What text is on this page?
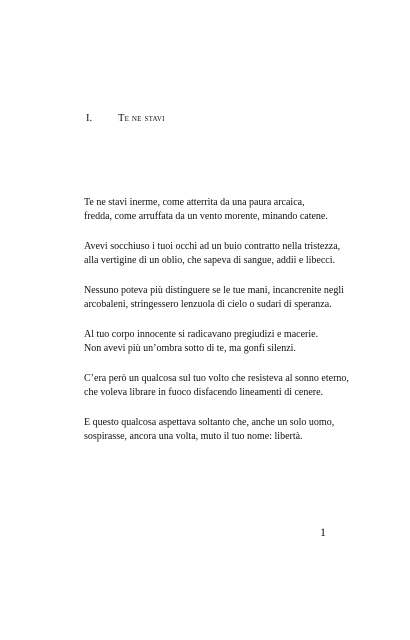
I. Te ne stavi

Te ne stavi inerme, come atterrita da una paura arcaica,
fredda, come arruffata da un vento morente, minando catene.

Avevi socchiuso i tuoi occhi ad un buio contratto nella tristezza,
alla vertigine di un oblio, che sapeva di sangue, addii e libecci.

Nessuno poteva più distinguere se le tue mani, incancrenite negli
arcobaleni, stringessero lenzuola di cielo o sudari di speranza.

Al tuo corpo innocente si radicavano pregiudizi e macerie.
Non avevi più un’ombra sotto di te, ma gonfi silenzi.

C’era però un qualcosa sul tuo volto che resisteva al sonno eterno,
che voleva librare in fuoco disfacendo lineamenti di cenere.

E questo qualcosa aspettava soltanto che, anche un solo uomo,
sospirasse, ancora una volta, muto il tuo nome: libertà.

1
